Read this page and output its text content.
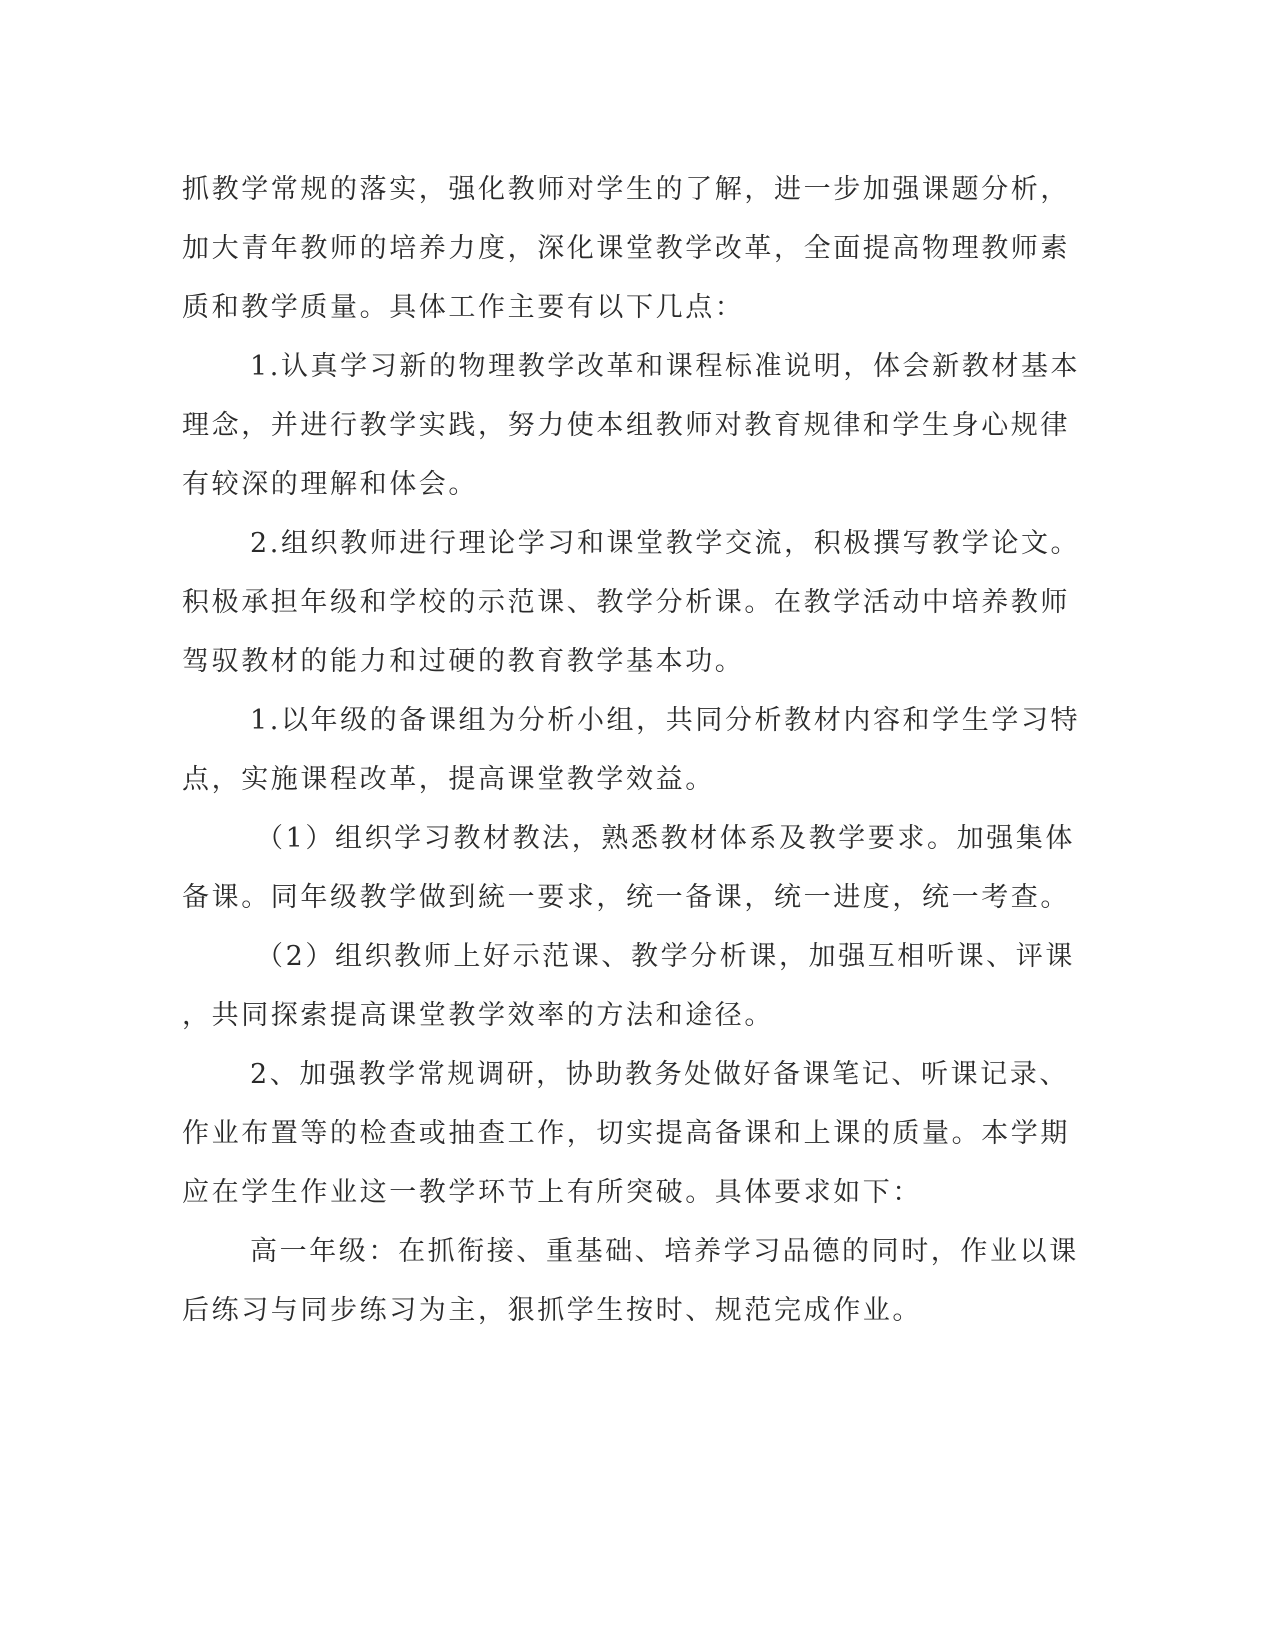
抓教学常规的落实，强化教师对学生的了解，进一步加强课题分析，
加大青年教师的培养力度，深化课堂教学改革，全面提高物理教师素
质和教学质量。具体工作主要有以下几点：

1.认真学习新的物理教学改革和课程标准说明，体会新教材基本
理念，并进行教学实践，努力使本组教师对教育规律和学生身心规律
有较深的理解和体会。

2.组织教师进行理论学习和课堂教学交流，积极撰写教学论文。
积极承担年级和学校的示范课、教学分析课。在教学活动中培养教师
驾驭教材的能力和过硬的教育教学基本功。

1.以年级的备课组为分析小组，共同分析教材内容和学生学习特
点，实施课程改革，提高课堂教学效益。

（1）组织学习教材教法，熟悉教材体系及教学要求。加强集体
备课。同年级教学做到統一要求，统一备课，统一进度，统一考查。

（2）组织教师上好示范课、教学分析课，加强互相听课、评课
，共同探索提高课堂教学效率的方法和途径。

2、加强教学常规调研，协助教务处做好备课笔记、听课记录、
作业布置等的检查或抽查工作，切实提高备课和上课的质量。本学期
应在学生作业这一教学环节上有所突破。具体要求如下：

高一年级：在抓衔接、重基础、培养学习品德的同时，作业以课
后练习与同步练习为主，狠抓学生按时、规范完成作业。
